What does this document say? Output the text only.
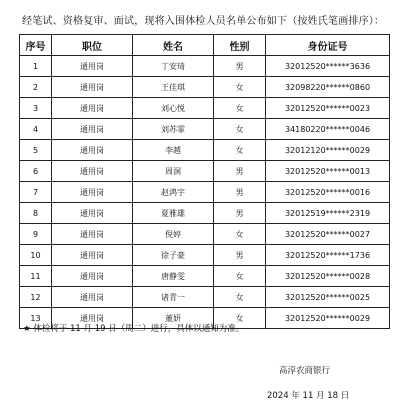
经笔试、资格复审、面试，现将入围体检人员名单公布如下（按姓氏笔画排序）：
序号	职位	姓名	性别	身份证号
1	通用岗	丁安琦	男	32012520******3636
2	通用岗	王佳琪	女	32098220******0860
3	通用岗	刘心悦	女	32012520******0023
4	通用岗	刘苏霏	女	34180220******0046
5	通用岗	李越	女	32012120******0029
6	通用岗	周洞	男	32012520******0013
7	通用岗	赵鸿宇	男	32012520******0016
8	通用岗	夏雅雄	男	32012519******2319
9	通用岗	倪婷	女	32012520******0027
10	通用岗	徐子豪	男	32012520******1736
11	通用岗	唐静雯	女	32012520******0028
12	通用岗	诸青一	女	32012520******0025
13	通用岗	董妍	女	32012520******0029
★ 体检将于 11 月 19 日（周二）进行，具体以通知为准。
高淳农商银行
2024 年 11 月 18 日
